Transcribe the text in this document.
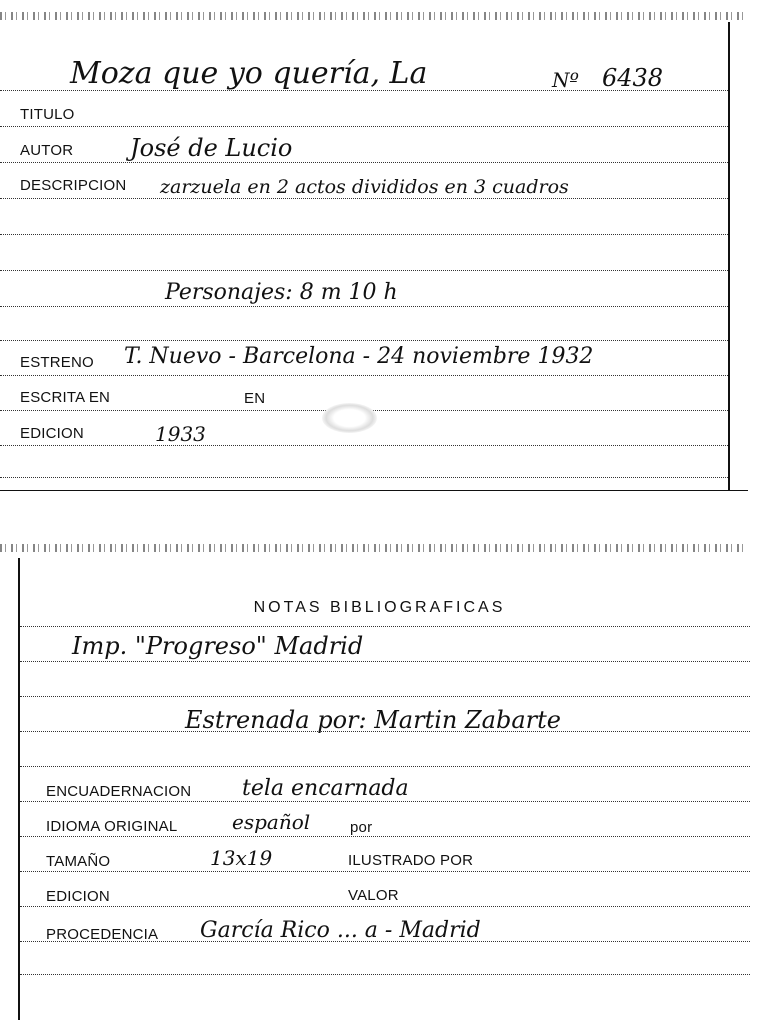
Moza que yo quería, La	Nº 6438
TITULO
AUTOR José de Lucio
DESCRIPCION zarzuela en 2 actos divididos en 3 cuadros
Personajes: 8 m 10 h
ESTRENO T. Nuevo - Barcelona - 24 noviembre 1932
ESCRITA EN	EN
EDICION	1933
NOTAS BIBLIOGRAFICAS
Imp. "Progreso" Madrid
Estrenada por: Martin Zabarte
ENCUADERNACION tela encarnada
IDIOMA ORIGINAL	español	por
TAMAÑO	13x19	ILUSTRADO POR
EDICION	VALOR
PROCEDENCIA García Rico ... a - Madrid
